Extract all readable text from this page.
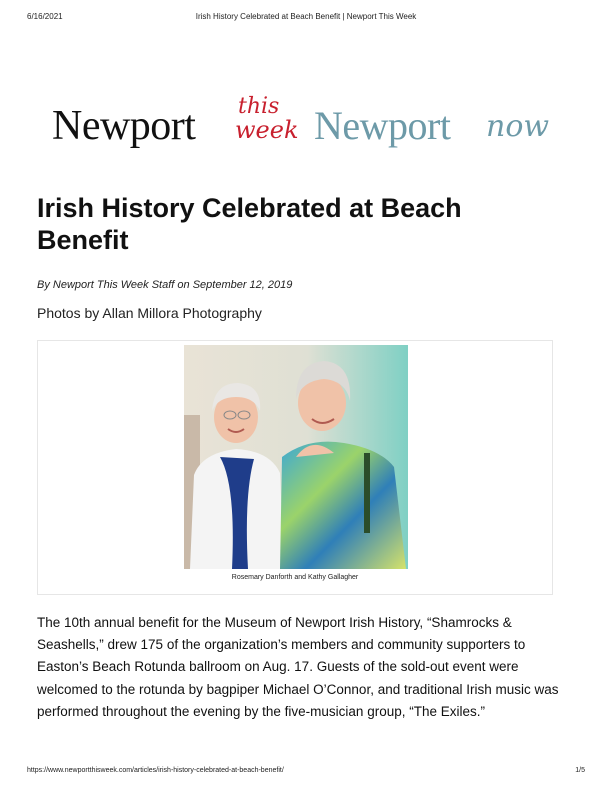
6/16/2021	Irish History Celebrated at Beach Benefit | Newport This Week
Newport this
week Newport now
Irish History Celebrated at Beach Benefit
By Newport This Week Staff on September 12, 2019
Photos by Allan Millora Photography
Rosemary Danforth and Kathy Gallagher

The 10th annual benefit for the Museum of Newport Irish History, “Shamrocks & Seashells,” drew 175 of the organization’s members and community supporters to Easton’s Beach Rotunda ballroom on Aug. 17. Guests of the sold-out event were welcomed to the rotunda by bagpiper Michael O’Connor, and traditional Irish music was performed throughout the evening by the five-musician group, “The Exiles.”

https://www.newportthisweek.com/articles/irish-history-celebrated-at-beach-benefit/	1/5
